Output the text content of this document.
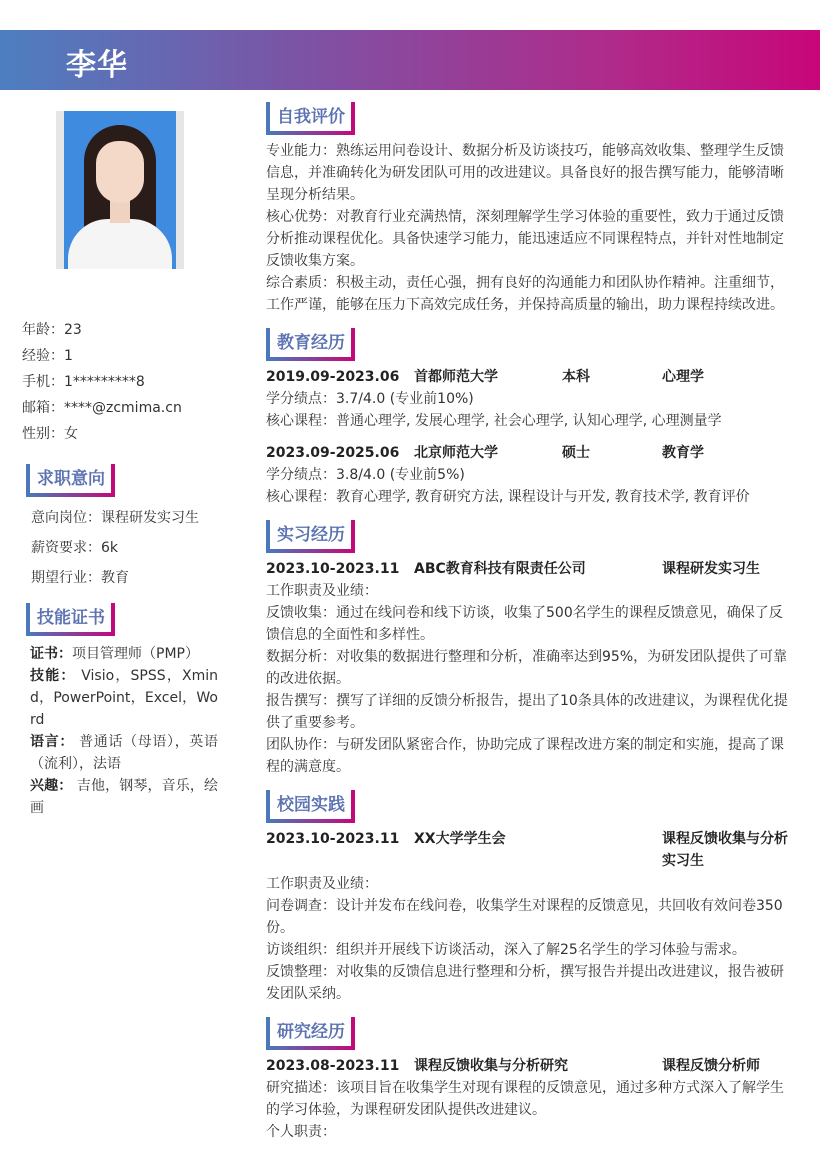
李华
年龄：23
经验：1
手机：1*********8
邮箱：****@zcmima.cn
性别：女
求职意向
意向岗位：课程研发实习生
薪资要求：6k
期望行业：教育
技能证书
证书：项目管理师（PMP）
技能： Visio，SPSS，Xmind，PowerPoint，Excel，Word
语言： 普通话（母语），英语（流利），法语
兴趣： 吉他，钢琴，音乐，绘画
自我评价
专业能力：熟练运用问卷设计、数据分析及访谈技巧，能够高效收集、整理学生反馈信息，并准确转化为研发团队可用的改进建议。具备良好的报告撰写能力，能够清晰呈现分析结果。
核心优势：对教育行业充满热情，深刻理解学生学习体验的重要性，致力于通过反馈分析推动课程优化。具备快速学习能力，能迅速适应不同课程特点，并针对性地制定反馈收集方案。
综合素质：积极主动，责任心强，拥有良好的沟通能力和团队协作精神。注重细节，工作严谨，能够在压力下高效完成任务，并保持高质量的输出，助力课程持续改进。
教育经历
2019.09-2023.06	首都师范大学	本科	心理学
学分绩点：3.7/4.0 (专业前10%)
核心课程：普通心理学, 发展心理学, 社会心理学, 认知心理学, 心理测量学
2023.09-2025.06	北京师范大学	硕士	教育学
学分绩点：3.8/4.0 (专业前5%)
核心课程：教育心理学, 教育研究方法, 课程设计与开发, 教育技术学, 教育评价
实习经历
2023.10-2023.11	ABC教育科技有限责任公司	课程研发实习生
工作职责及业绩：
反馈收集：通过在线问卷和线下访谈，收集了500名学生的课程反馈意见，确保了反馈信息的全面性和多样性。
数据分析：对收集的数据进行整理和分析，准确率达到95%，为研发团队提供了可靠的改进依据。
报告撰写：撰写了详细的反馈分析报告，提出了10条具体的改进建议，为课程优化提供了重要参考。
团队协作：与研发团队紧密合作，协助完成了课程改进方案的制定和实施，提高了课程的满意度。
校园实践
2023.10-2023.11	XX大学学生会	课程反馈收集与分析实习生
工作职责及业绩：
问卷调查：设计并发布在线问卷，收集学生对课程的反馈意见，共回收有效问卷350份。
访谈组织：组织并开展线下访谈活动，深入了解25名学生的学习体验与需求。
反馈整理：对收集的反馈信息进行整理和分析，撰写报告并提出改进建议，报告被研发团队采纳。
研究经历
2023.08-2023.11	课程反馈收集与分析研究	课程反馈分析师
研究描述：该项目旨在收集学生对现有课程的反馈意见，通过多种方式深入了解学生的学习体验，为课程研发团队提供改进建议。
个人职责：
